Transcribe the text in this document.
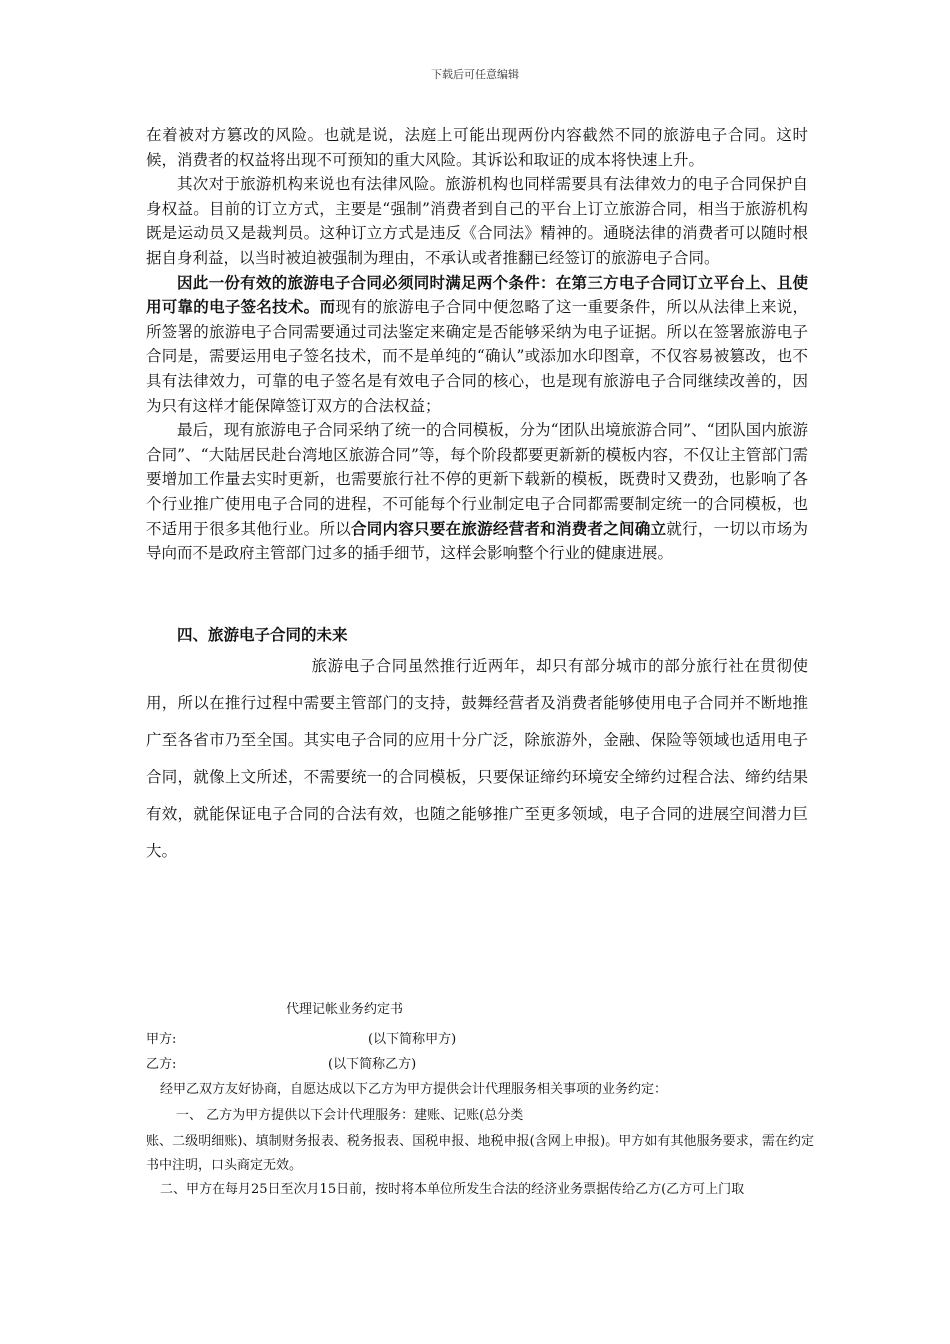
下载后可任意编辑

在着被对方篡改的风险。也就是说，法庭上可能出现两份内容截然不同的旅游电子合同。这时候，消费者的权益将出现不可预知的重大风险。其诉讼和取证的成本将快速上升。

其次对于旅游机构来说也有法律风险。旅游机构也同样需要具有法律效力的电子合同保护自身权益。目前的订立方式，主要是“强制”消费者到自己的平台上订立旅游合同，相当于旅游机构既是运动员又是裁判员。这种订立方式是违反《合同法》精神的。通晓法律的消费者可以随时根据自身利益，以当时被迫被强制为理由，不承认或者推翻已经签订的旅游电子合同。

因此一份有效的旅游电子合同必须同时满足两个条件：在第三方电子合同订立平台上、且使用可靠的电子签名技术。而现有的旅游电子合同中便忽略了这一重要条件，所以从法律上来说，所签署的旅游电子合同需要通过司法鉴定来确定是否能够采纳为电子证据。所以在签署旅游电子合同是，需要运用电子签名技术，而不是单纯的“确认”或添加水印图章，不仅容易被篡改，也不具有法律效力，可靠的电子签名是有效电子合同的核心，也是现有旅游电子合同继续改善的，因为只有这样才能保障签订双方的合法权益；

最后，现有旅游电子合同采纳了统一的合同模板，分为“团队出境旅游合同”、“团队国内旅游合同”、“大陆居民赴台湾地区旅游合同”等，每个阶段都要更新新的模板内容，不仅让主管部门需要增加工作量去实时更新，也需要旅行社不停的更新下载新的模板，既费时又费劲，也影响了各个行业推广使用电子合同的进程，不可能每个行业制定电子合同都需要制定统一的合同模板，也不适用于很多其他行业。所以合同内容只要在旅游经营者和消费者之间确立就行，一切以市场为导向而不是政府主管部门过多的插手细节，这样会影响整个行业的健康进展。

四、旅游电子合同的未来
旅游电子合同虽然推行近两年，却只有部分城市的部分旅行社在贯彻使用，所以在推行过程中需要主管部门的支持，鼓舞经营者及消费者能够使用电子合同并不断地推广至各省市乃至全国。其实电子合同的应用十分广泛，除旅游外，金融、保险等领域也适用电子合同，就像上文所述，不需要统一的合同模板，只要保证缔约环境安全缔约过程合法、缔约结果有效，就能保证电子合同的合法有效，也随之能够推广至更多领域，电子合同的进展空间潜力巨大。
代理记帐业务约定书
甲方:	(以下简称甲方)
乙方:	(以下简称乙方)
经甲乙双方友好协商，自愿达成以下乙方为甲方提供会计代理服务相关事项的业务约定：
一、 乙方为甲方提供以下会计代理服务：建账、记账(总分类
账、二级明细账)、填制财务报表、税务报表、国税申报、地税申报(含网上申报)。甲方如有其他服务要求，需在约定书中注明，口头商定无效。
二、甲方在每月25日至次月15日前，按时将本单位所发生合法的经济业务票据传给乙方(乙方可上门取
